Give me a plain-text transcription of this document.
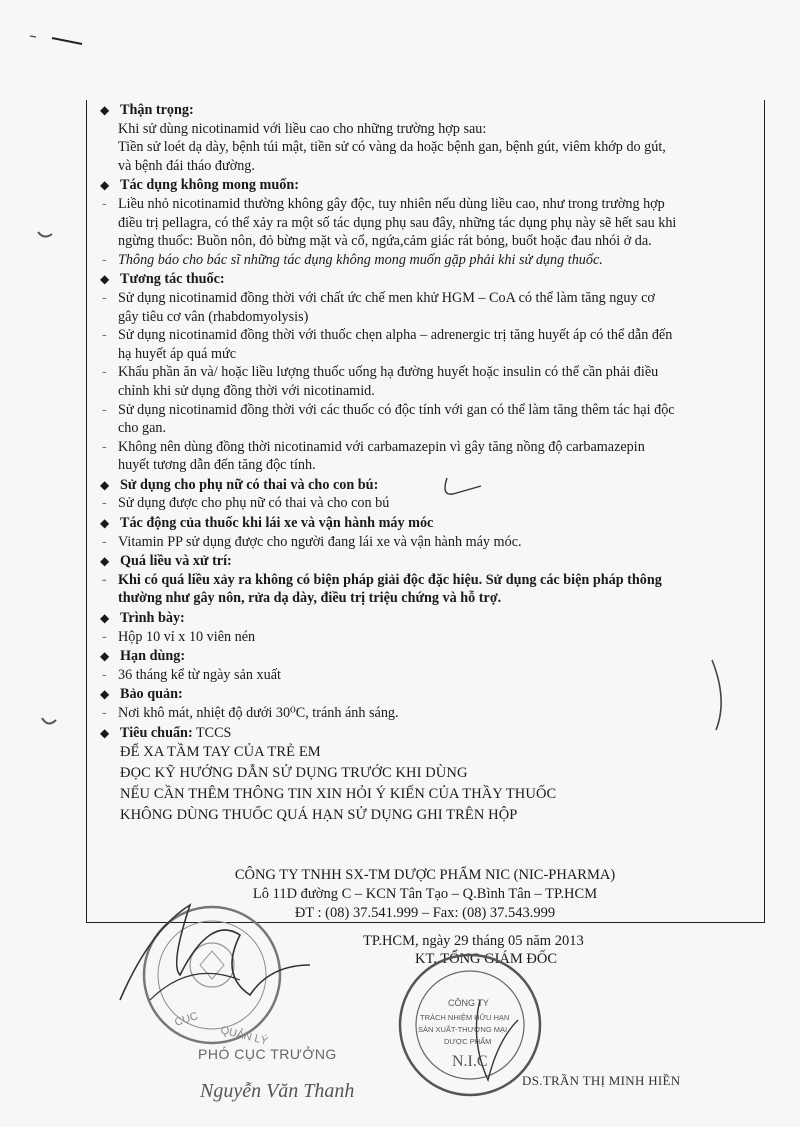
◆ Thận trọng:
Khi sử dùng nicotinamid với liều cao cho những trường hợp sau:
Tiền sử loét dạ dày, bệnh túi mật, tiền sử có vàng da hoặc bệnh gan, bệnh gút, viêm khớp do gút,
và bệnh đái tháo đường.
◆ Tác dụng không mong muốn:
- Liều nhỏ nicotinamid thường không gây độc, tuy nhiên nếu dùng liều cao, như trong trường hợp
điều trị pellagra, có thể xảy ra một số tác dụng phụ sau đây, những tác dụng phụ này sẽ hết sau khi
ngừng thuốc: Buồn nôn, đỏ bừng mặt và cổ, ngứa,cảm giác rát bỏng, buốt hoặc đau nhói ở da.
- Thông báo cho bác sĩ những tác dụng không mong muốn gặp phải khi sử dụng thuốc.
◆ Tương tác thuốc:
- Sử dụng nicotinamid đồng thời với chất ức chế men khử HGM – CoA có thể làm tăng nguy cơ
gây tiêu cơ vân (rhabdomyolysis)
- Sử dụng nicotinamid đồng thời với thuốc chẹn alpha – adrenergic trị tăng huyết áp có thể dẫn đến
hạ huyết áp quá mức
- Khẩu phần ăn và/ hoặc liều lượng thuốc uống hạ đường huyết hoặc insulin có thể cần phải điều
chỉnh khi sử dụng đồng thời với nicotinamid.
- Sử dụng nicotinamid đồng thời với các thuốc có độc tính với gan có thể làm tăng thêm tác hại độc
cho gan.
- Không nên dùng đồng thời nicotinamid với carbamazepin vì gây tăng nồng độ carbamazepin
huyết tương dẫn đến tăng độc tính.
◆ Sử dụng cho phụ nữ có thai và cho con bú:
- Sử dụng được cho phụ nữ có thai và cho con bú
◆ Tác động của thuốc khi lái xe và vận hành máy móc
- Vitamin PP sử dụng được cho người đang lái xe và vận hành máy móc.
◆ Quá liều và xử trí:
- Khi có quá liều xảy ra không có biện pháp giải độc đặc hiệu. Sử dụng các biện pháp thông
thường như gây nôn, rửa dạ dày, điều trị triệu chứng và hỗ trợ.
◆ Trình bày:
- Hộp 10 vỉ x 10 viên nén
◆ Hạn dùng:
- 36 tháng kể từ ngày sản xuất
◆ Bảo quản:
- Nơi khô mát, nhiệt độ dưới 30⁰C, tránh ánh sáng.
◆ Tiêu chuẩn: TCCS
ĐỂ XA TẦM TAY CỦA TRẺ EM
ĐỌC KỸ HƯỚNG DẪN SỬ DỤNG TRƯỚC KHI DÙNG
NẾU CẦN THÊM THÔNG TIN XIN HỎI Ý KIẾN CỦA THẦY THUỐC
KHÔNG DÙNG THUỐC QUÁ HẠN SỬ DỤNG GHI TRÊN HỘP
CÔNG TY TNHH SX-TM DƯỢC PHẨM NIC (NIC-PHARMA)
Lô 11D đường C – KCN Tân Tạo – Q.Bình Tân – TP.HCM
ĐT : (08) 37.541.999 – Fax: (08) 37.543.999
TP.HCM, ngày 29 tháng 05 năm 2013
KT. TỔNG GIÁM ĐỐC
CỤC
QUẢN LÝ
CÔNG TY
TRÁCH NHIỆM HỮU HẠN
SẢN XUẤT-THƯƠNG MẠI
DƯỢC PHẨM
N.I.C
PHÓ CỤC TRƯỞNG
Nguyễn Văn Thanh	DS.TRẦN THỊ MINH HIỀN
